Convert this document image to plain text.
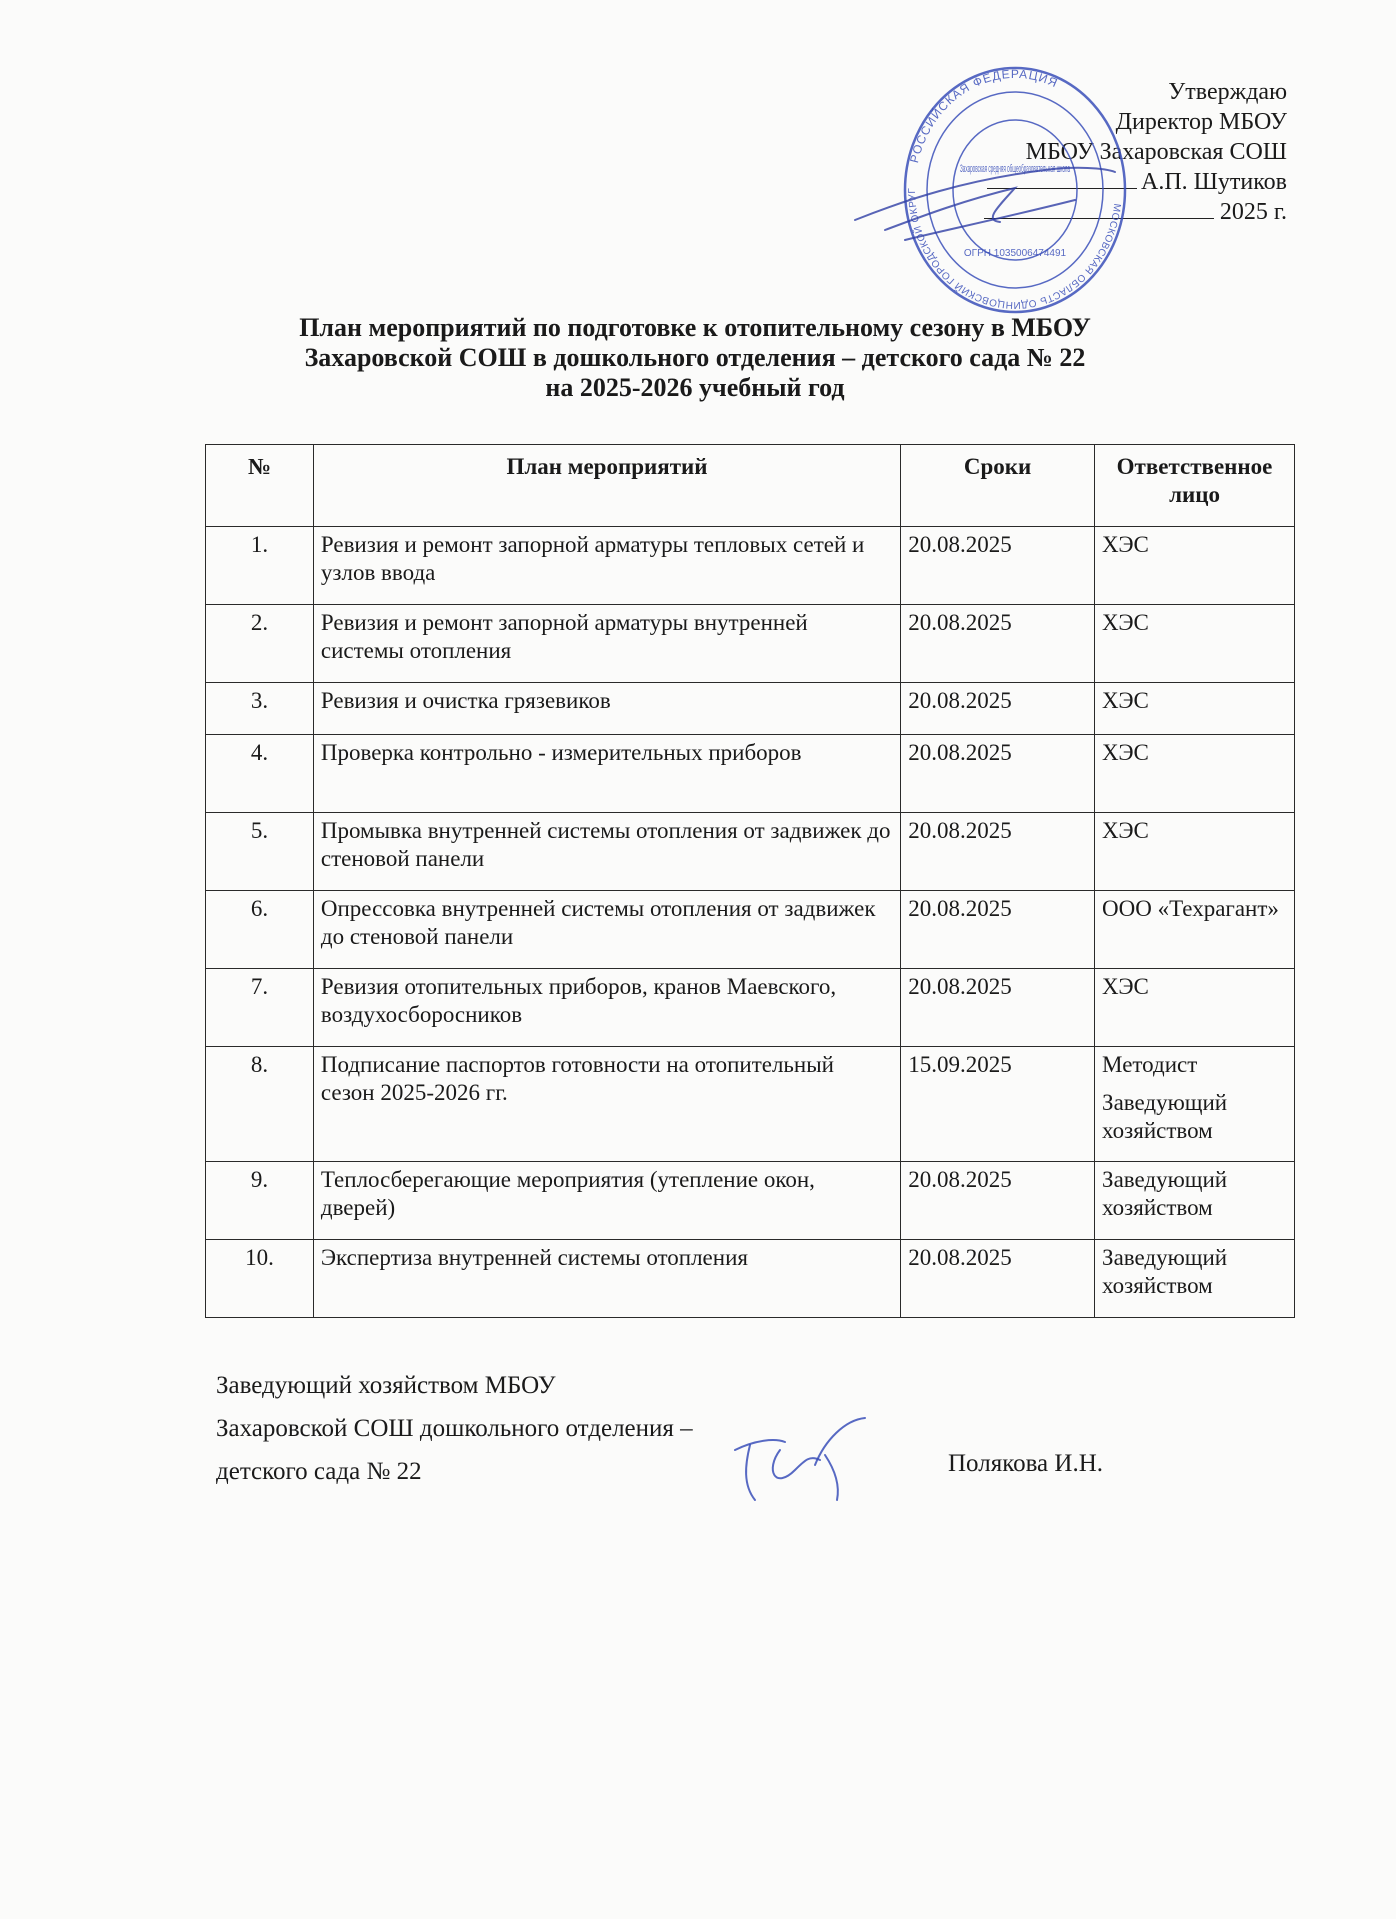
Утверждаю
Директор МБОУ
МБОУ Захаровская СОШ
А.П. Шутиков
2025 г.
РОССИЙСКАЯ ФЕДЕРАЦИЯ
МОСКОВСКАЯ ОБЛАСТЬ ОДИНЦОВСКИЙ ГОРОДСКОЙ ОКРУГ
Захаровская средняя общеобразовательная школа
ОГРН 1035006474491
План мероприятий по подготовке к отопительному сезону в МБОУ
Захаровской СОШ в дошкольного отделения – детского сада № 22
на 2025-2026 учебный год
№	План мероприятий	Сроки	Ответственное лицо
1.	Ревизия и ремонт запорной арматуры тепловых сетей и узлов ввода	20.08.2025	ХЭС

2.	Ревизия и ремонт запорной арматуры внутренней системы отопления	20.08.2025	ХЭС

3.	Ревизия и очистка грязевиков	20.08.2025	ХЭС

4.	Проверка контрольно - измерительных приборов	20.08.2025	ХЭС

5.	Промывка внутренней системы отопления от задвижек до стеновой панели	20.08.2025	ХЭС

6.	Опрессовка внутренней системы отопления от задвижек до стеновой панели	20.08.2025	ООО «Техрагант»

7.	Ревизия отопительных приборов, кранов Маевского, воздухосборосников	20.08.2025	ХЭС

8.	Подписание паспортов готовности на отопительный сезон 2025-2026 гг.	15.09.2025	Методист
Заведующий хозяйством

9.	Теплосберегающие мероприятия (утепление окон, дверей)	20.08.2025	Заведующий хозяйством

10.	Экспертиза внутренней системы отопления	20.08.2025	Заведующий хозяйством
Заведующий хозяйством МБОУ
Захаровской СОШ дошкольного отделения –
детского сада № 22	Полякова И.Н.
